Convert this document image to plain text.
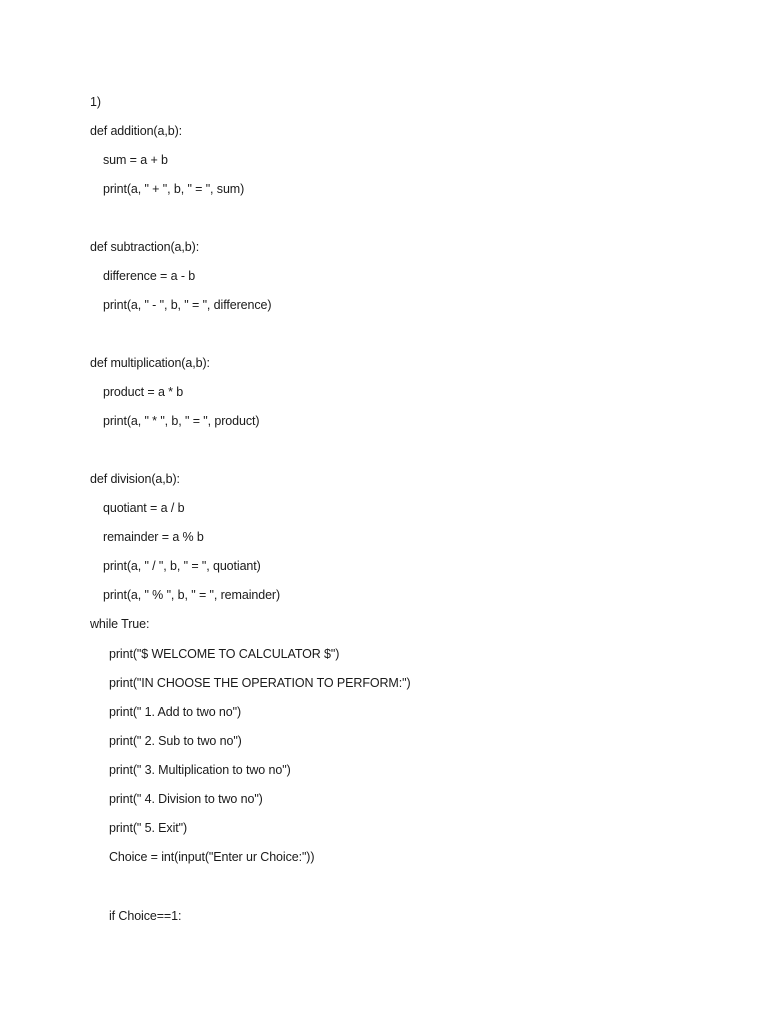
1)
def addition(a,b):
sum = a + b
print(a, " + ", b, " = ", sum)
def subtraction(a,b):
difference = a - b
print(a, " - ", b, " = ", difference)
def multiplication(a,b):
product = a * b
print(a, " * ", b, " = ", product)
def division(a,b):
quotiant = a / b
remainder = a % b
print(a, " / ", b, " = ", quotiant)
print(a, " % ", b, " = ", remainder)
while True:
print("$ WELCOME TO CALCULATOR $")
print("IN CHOOSE THE OPERATION TO PERFORM:")
print(" 1. Add to two no")
print(" 2. Sub to two no")
print(" 3. Multiplication to two no")
print(" 4. Division to two no")
print(" 5. Exit")
Choice = int(input("Enter ur Choice:"))
if Choice==1:
